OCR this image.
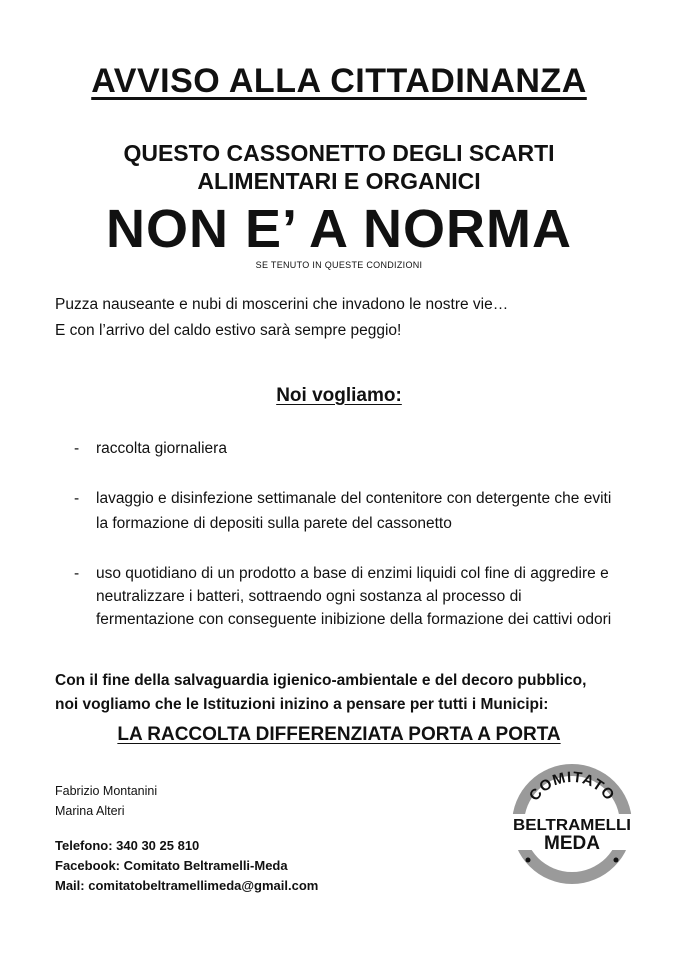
AVVISO ALLA CITTADINANZA
QUESTO CASSONETTO DEGLI SCARTI
ALIMENTARI E ORGANICI
NON E’ A NORMA
SE TENUTO IN QUESTE CONDIZIONI
Puzza nauseante e nubi di moscerini che invadono le nostre vie…
E con l’arrivo del caldo estivo sarà sempre peggio!
Noi vogliamo:
- raccolta giornaliera
- lavaggio e disinfezione settimanale del contenitore con detergente che eviti
la formazione di depositi sulla parete del cassonetto
- uso quotidiano di un prodotto a base di enzimi liquidi col fine di aggredire e
neutralizzare i batteri, sottraendo ogni sostanza al processo di
fermentazione con conseguente inibizione della formazione dei cattivi odori
Con il fine della salvaguardia igienico-ambientale e del decoro pubblico,
noi vogliamo che le Istituzioni inizino a pensare per tutti i Municipi:
LA RACCOLTA DIFFERENZIATA PORTA A PORTA
Fabrizio Montanini
Marina Alteri
Telefono: 340 30 25 810
Facebook: Comitato Beltramelli-Meda
Mail: comitatobeltramellimeda@gmail.com
COMITATO
BELTRAMELLI
MEDA
